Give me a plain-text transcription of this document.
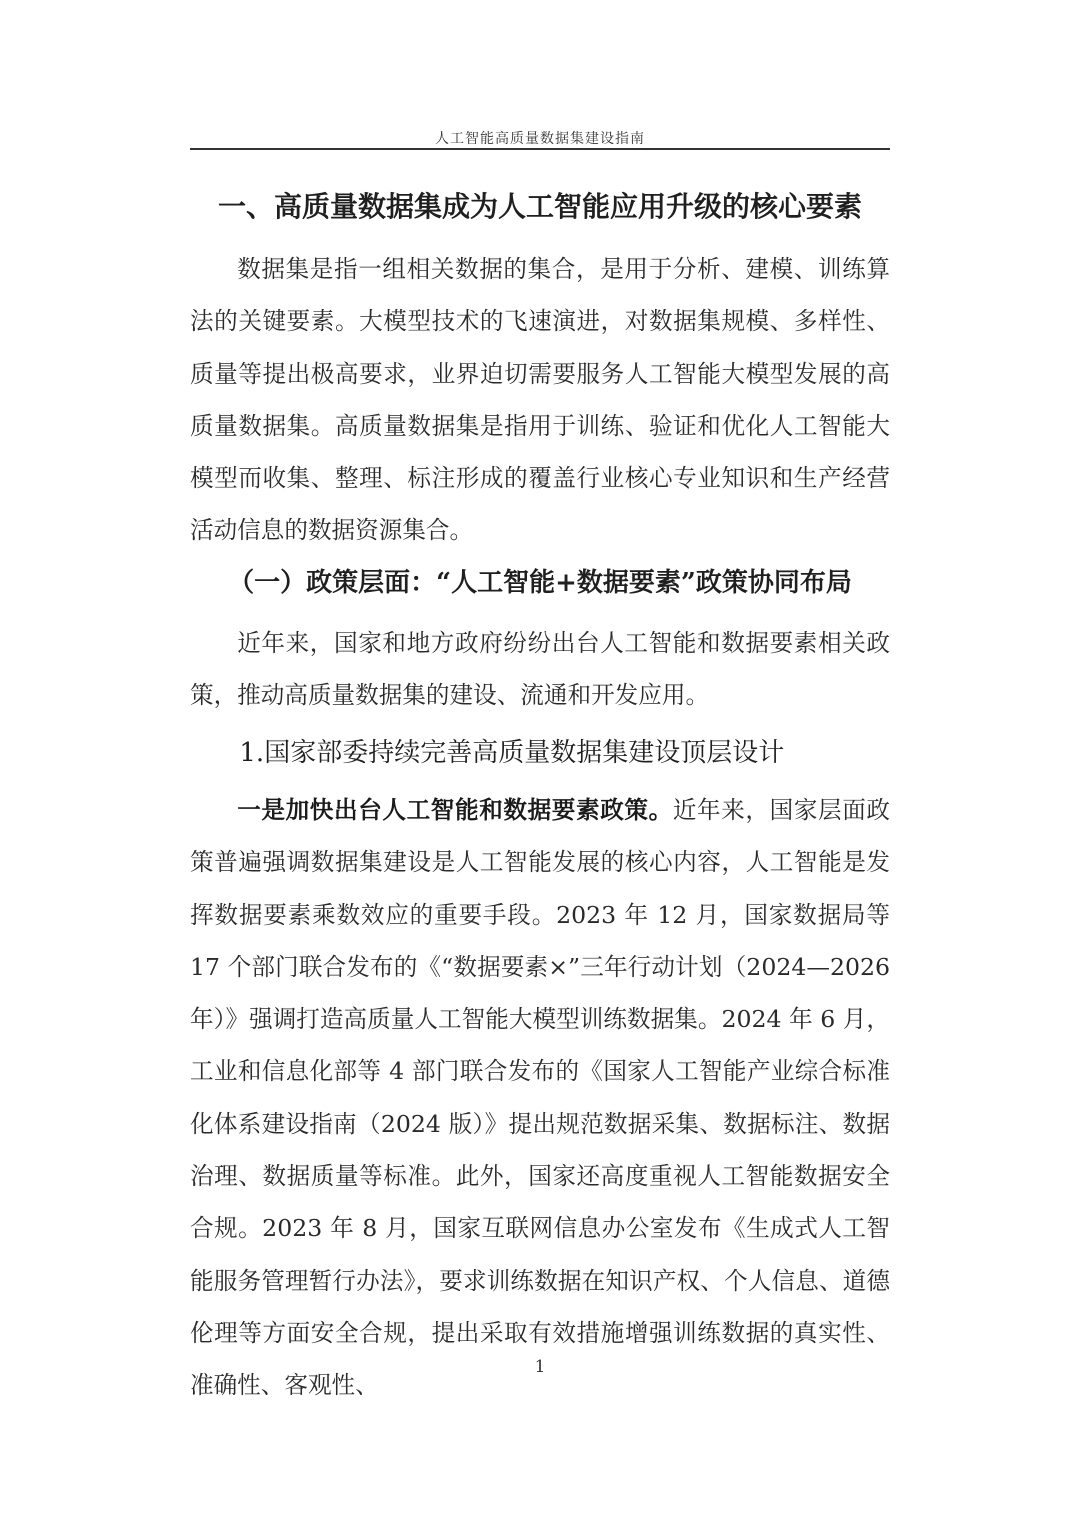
人工智能高质量数据集建设指南
一、高质量数据集成为人工智能应用升级的核心要素

数据集是指一组相关数据的集合，是用于分析、建模、训练算法的关键要素。大模型技术的飞速演进，对数据集规模、多样性、质量等提出极高要求，业界迫切需要服务人工智能大模型发展的高质量数据集。高质量数据集是指用于训练、验证和优化人工智能大模型而收集、整理、标注形成的覆盖行业核心专业知识和生产经营活动信息的数据资源集合。

（一）政策层面：“人工智能+数据要素”政策协同布局

近年来，国家和地方政府纷纷出台人工智能和数据要素相关政策，推动高质量数据集的建设、流通和开发应用。

1.国家部委持续完善高质量数据集建设顶层设计

一是加快出台人工智能和数据要素政策。近年来，国家层面政策普遍强调数据集建设是人工智能发展的核心内容，人工智能是发挥数据要素乘数效应的重要手段。2023 年 12 月，国家数据局等 17 个部门联合发布的《“数据要素×”三年行动计划（2024—2026 年）》强调打造高质量人工智能大模型训练数据集。2024 年 6 月，工业和信息化部等 4 部门联合发布的《国家人工智能产业综合标准化体系建设指南（2024 版）》提出规范数据采集、数据标注、数据治理、数据质量等标准。此外，国家还高度重视人工智能数据安全合规。2023 年 8 月，国家互联网信息办公室发布《生成式人工智能服务管理暂行办法》，要求训练数据在知识产权、个人信息、道德伦理等方面安全合规，提出采取有效措施增强训练数据的真实性、准确性、客观性、

1
